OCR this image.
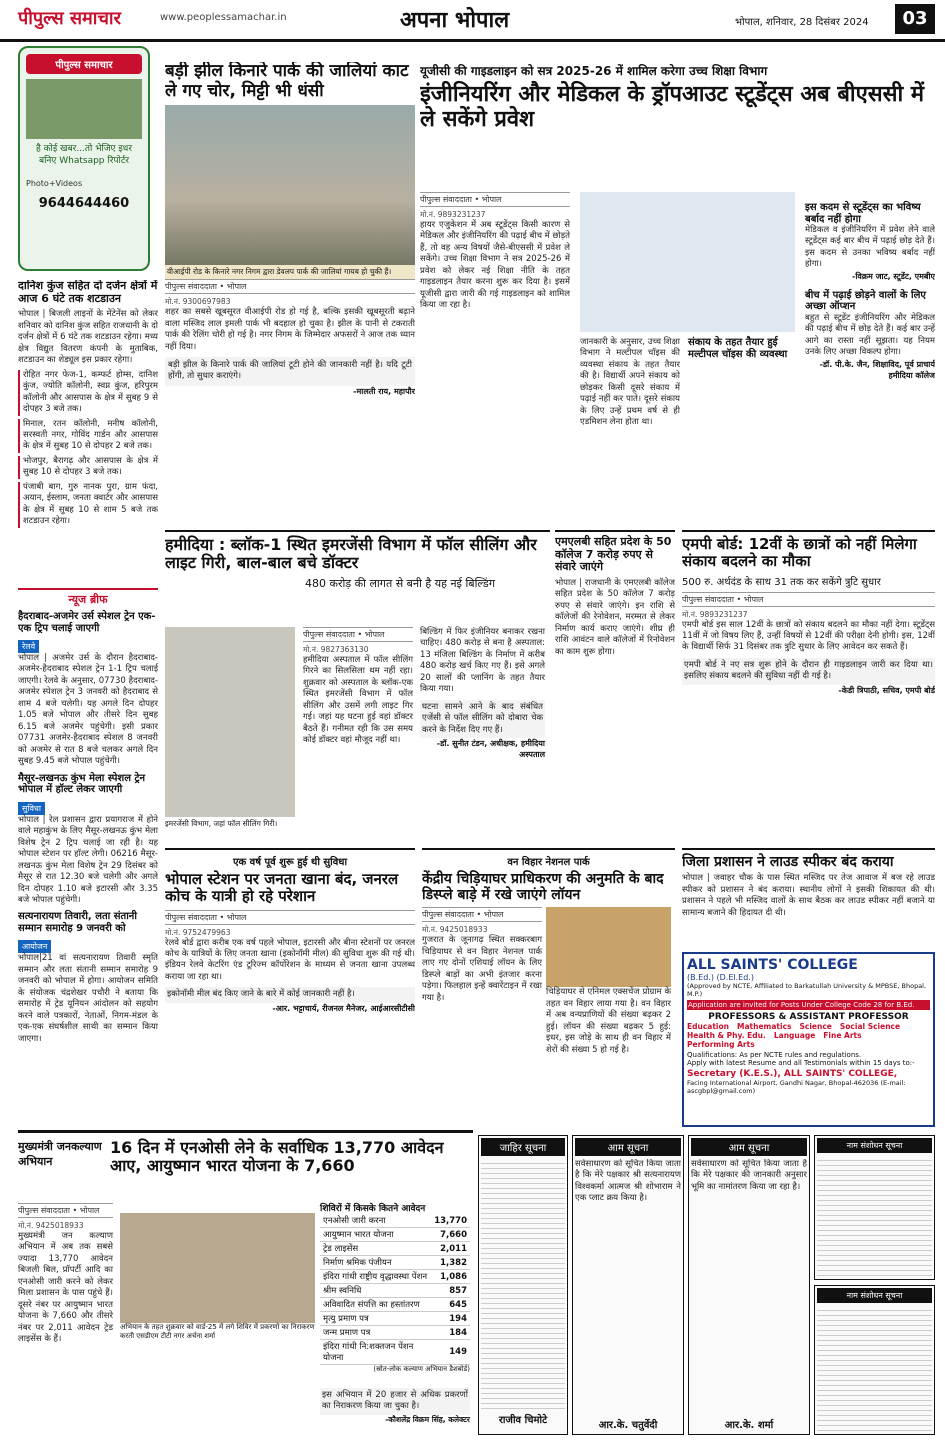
पीपुल्स समाचार	www.peoplessamachar.in	अपना भोपाल	भोपाल, शनिवार, 28 दिसंबर 2024	03
पीपुल्स समाचार
है कोई खबर...तो भेजिए इधर बनिए Whatsapp रिपोर्टर
Photo+Videos
9644644460
दानिश कुंज सहित दो दर्जन क्षेत्रों में आज 6 घंटे तक शटडाउन
भोपाल | बिजली लाइनों के मेंटेनेंस को लेकर शनिवार को दानिश कुंज सहित राजधानी के दो दर्जन क्षेत्रों में 6 घंटे तक शटडाउन रहेगा। मध्य क्षेत्र विद्युत वितरण कंपनी के मुताबिक, शटडाउन का शेड्यूल इस प्रकार रहेगा।
रोहित नगर फेज-1, कम्फर्ट होम्स, दानिश कुंज, ज्योति कॉलोनी, स्वप्न कुंज, हरिपुरम कॉलोनी और आसपास के क्षेत्र में सुबह 9 से दोपहर 3 बजे तक।
मिनाल, रतन कॉलोनी, मनीष कॉलोनी, सरस्वती नगर, गोविंद गार्डन और आसपास के क्षेत्र में सुबह 10 से दोपहर 2 बजे तक।
भोजपुर, बैरागढ़ और आसपास के क्षेत्र में सुबह 10 से दोपहर 3 बजे तक।
पंजाबी बाग, गुरु नानक पुरा, ग्राम फंदा, अयान, ईस्लाम, जनता क्वार्टर और आसपास के क्षेत्र में सुबह 10 से शाम 5 बजे तक शटडाउन रहेगा।
न्यूज ब्रीफ
हैदराबाद-अजमेर उर्स स्पेशल ट्रेन एक-एक ट्रिप चलाई जाएगी
रेलवे
भोपाल | अजमेर उर्स के दौरान हैदराबाद-अजमेर-हैदराबाद स्पेशल ट्रेन 1-1 ट्रिप चलाई जाएगी। रेलवे के अनुसार, 07730 हैदराबाद-अजमेर स्पेशल ट्रेन 3 जनवरी को हैदराबाद से शाम 4 बजे चलेगी। यह अगले दिन दोपहर 1.05 बजे भोपाल और तीसरे दिन सुबह 6.15 बजे अजमेर पहुंचेगी। इसी प्रकार 07731 अजमेर-हैदराबाद स्पेशल 8 जनवरी को अजमेर से रात 8 बजे चलकर अगले दिन सुबह 9.45 बजे भोपाल पहुंचेगी।
मैसूर-लखनऊ कुंभ मेला स्पेशल ट्रेन भोपाल में हॉल्ट लेकर जाएगी
सुविधा
भोपाल | रेल प्रशासन द्वारा प्रयागराज में होने वाले महाकुंभ के लिए मैसूर-लखनऊ कुंभ मेला विशेष ट्रेन 2 ट्रिप चलाई जा रही है। यह भोपाल स्टेशन पर हॉल्ट लेगी। 06216 मैसूर-लखनऊ कुंभ मेला विशेष ट्रेन 29 दिसंबर को मैसूर से रात 12.30 बजे चलेगी और अगले दिन दोपहर 1.10 बजे इटारसी और 3.35 बजे भोपाल पहुंचेगी।
सत्यनारायण तिवारी, लता संतानी सम्मान समारोह 9 जनवरी को
आयोजन
भोपाल|21 वां सत्यनारायण तिवारी स्मृति सम्मान और लता संतानी सम्मान समारोह 9 जनवरी को भोपाल में होगा। आयोजन समिति के संयोजक चंद्रशेखर पचौरी ने बताया कि समारोह में ट्रेड यूनियन आंदोलन को सहयोग करने वाले पत्रकारों, नेताओं, निगम-मंडल के एक-एक संघर्षशील साथी का सम्मान किया जाएगा।
बड़ी झील किनारे पार्क की जालियां काट ले गए चोर, मिट्टी भी धंसी
वीआईपी रोड के किनारे नगर निगम द्वारा डेवलप पार्क की जालियां गायब हो चुकी हैं।
पीपुल्स संवाददाता • भोपाल
मो.नं. 9300697983
शहर का सबसे खूबसूरत वीआईपी रोड हो गई है, बल्कि इसकी खूबसूरती बढ़ाने वाला मस्जिद लाल इमली पार्क भी बदहाल हो चुका है। झील के पानी से टकराती पार्क की रेलिंग चोरी हो गई है। नगर निगम के जिम्मेदार अफसरों ने आज तक ध्यान नहीं दिया।
बड़ी झील के किनारे पार्क की जालियां टूटी होने की जानकारी नहीं है। यदि टूटी होंगी, तो सुधार कराएंगे।
-मालती राय, महापौर
यूजीसी की गाइडलाइन को सत्र 2025-26 में शामिल करेगा उच्च शिक्षा विभाग
इंजीनियरिंग और मेडिकल के ड्रॉपआउट स्टूडेंट्स अब बीएससी में ले सकेंगे प्रवेश
पीपुल्स संवाददाता • भोपाल
मो.नं. 9893231237
हायर एजुकेशन में अब स्टूडेंट्स किसी कारण से मेडिकल और इंजीनियरिंग की पढ़ाई बीच में छोड़ते हैं, तो वह अन्य विषयों जैसे-बीएससी में प्रवेश ले सकेंगे। उच्च शिक्षा विभाग ने सत्र 2025-26 में प्रवेश को लेकर नई शिक्षा नीति के तहत गाइडलाइन तैयार करना शुरू कर दिया है। इसमें यूजीसी द्वारा जारी की गई गाइडलाइन को शामिल किया जा रहा है।
जानकारी के अनुसार, उच्च शिक्षा विभाग ने मल्टीपल चॉइस की व्यवस्था संकाय के तहत तैयार की है। विद्यार्थी अपने संकाय को छोड़कर किसी दूसरे संकाय में पढ़ाई नहीं कर पाते। दूसरे संकाय के लिए उन्हें प्रथम वर्ष से ही एडमिशन लेना होता था।
संकाय के तहत तैयार हुई मल्टीपल चॉइस की व्यवस्था
इस कदम से स्टूडेंट्स का भविष्य बर्बाद नहीं होगा
मेडिकल व इंजीनियरिंग में प्रवेश लेने वाले स्टूडेंट्स कई बार बीच में पढ़ाई छोड़ देते हैं। इस कदम से उनका भविष्य बर्बाद नहीं होगा।
-विक्रम जाट, स्टूडेंट, एमबीए
बीच में पढ़ाई छोड़ने वालों के लिए अच्छा ऑप्शन
बहुत से स्टूडेंट इंजीनियरिंग और मेडिकल की पढ़ाई बीच में छोड़ देते हैं। कई बार उन्हें आगे का रास्ता नहीं सूझता। यह नियम उनके लिए अच्छा विकल्प होगा।
-डॉ. पी.के. जैन, शिक्षाविद, पूर्व प्राचार्य हमीदिया कॉलेज
हमीदिया : ब्लॉक-1 स्थित इमरजेंसी विभाग में फॉल सीलिंग और लाइट गिरी, बाल-बाल बचे डॉक्टर
480 करोड़ की लागत से बनी है यह नई बिल्डिंग
इमरजेंसी विभाग, जहां फॉल सीलिंग गिरी।
पीपुल्स संवाददाता • भोपाल
मो.नं. 9827363130
हमीदिया अस्पताल में फॉल सीलिंग गिरने का सिलसिला थम नहीं रहा। शुक्रवार को अस्पताल के ब्लॉक-एक स्थित इमरजेंसी विभाग में फॉल सीलिंग और उसमें लगी लाइट गिर गई। जहां यह घटना हुई वहां डॉक्टर बैठते हैं। गनीमत रही कि उस समय कोई डॉक्टर वहां मौजूद नहीं था।
बिल्डिंग में फिर इंजीनियर बनाकर रखना चाहिए। 480 करोड़ से बना है अस्पताल: 13 मंजिला बिल्डिंग के निर्माण में करीब 480 करोड़ खर्च किए गए हैं। इसे अगले 20 सालों की प्लानिंग के तहत तैयार किया गया।
घटना सामने आने के बाद संबंधित एजेंसी से फॉल सीलिंग को दोबारा चेक करने के निर्देश दिए गए हैं।
-डॉ. सुनीत टंडन, अधीक्षक, हमीदिया अस्पताल
एमएलबी सहित प्रदेश के 50 कॉलेज 7 करोड़ रुपए से संवारे जाएंगे
भोपाल | राजधानी के एमएलबी कॉलेज सहित प्रदेश के 50 कॉलेज 7 करोड़ रुपए से संवारे जाएंगे। इन राशि से कॉलेजों की रेनोवेशन, मरम्मत से लेकर निर्माण कार्य कराए जाएंगे। शीघ्र ही राशि आवंटन वाले कॉलेजों में रिनोवेशन का काम शुरू होगा।
एमपी बोर्ड: 12वीं के छात्रों को नहीं मिलेगा संकाय बदलने का मौका
500 रु. अर्थदंड के साथ 31 तक कर सकेंगे त्रुटि सुधार
पीपुल्स संवाददाता • भोपाल
मो.नं. 9893231237
एमपी बोर्ड इस साल 12वीं के छात्रों को संकाय बदलने का मौका नहीं देगा। स्टूडेंट्स 11वीं में जो विषय लिए हैं, उन्हीं विषयों से 12वीं की परीक्षा देनी होगी। इस, 12वीं के विद्यार्थी सिर्फ 31 दिसंबर तक त्रुटि सुधार के लिए आवेदन कर सकते हैं।
एमपी बोर्ड ने नए सत्र शुरू होने के दौरान ही गाइडलाइन जारी कर दिया था। इसलिए संकाय बदलने की सुविधा नहीं दी गई है।
-केडी त्रिपाठी, सचिव, एमपी बोर्ड
एक वर्ष पूर्व शुरू हुई थी सुविधा
भोपाल स्टेशन पर जनता खाना बंद, जनरल कोच के यात्री हो रहे परेशान
पीपुल्स संवाददाता • भोपाल
मो.नं. 9752479963
रेलवे बोर्ड द्वारा करीब एक वर्ष पहले भोपाल, इटारसी और बीना स्टेशनों पर जनरल कोच के यात्रियों के लिए जनता खाना (इकोनॉमी मील) की सुविधा शुरू की गई थी। इंडियन रेलवे केटरिंग एंड टूरिज्म कॉर्पोरेशन के माध्यम से जनता खाना उपलब्ध कराया जा रहा था।
इकोनॉमी मील बंद किए जाने के बारे में कोई जानकारी नहीं है।
-आर. भट्टाचार्य, रीजनल मैनेजर, आईआरसीटीसी
वन विहार नेशनल पार्क
केंद्रीय चिड़ियाघर प्राधिकरण की अनुमति के बाद डिस्प्ले बाड़े में रखे जाएंगे लॉयन
पीपुल्स संवाददाता • भोपाल
मो.नं. 9425018933
गुजरात के जूनागढ़ स्थित सक्करबाग चिड़ियाघर से वन विहार नेशनल पार्क लाए गए दोनों एशियाई लॉयन के लिए डिस्प्ले बाड़ों का अभी इंतजार करना पड़ेगा। फिलहाल इन्हें क्वारेंटाइन में रखा गया है।
चिड़ियाघर से एनिमल एक्सचेंज प्रोग्राम के तहत वन विहार लाया गया है। वन विहार में अब वन्यप्राणियों की संख्या बढ़कर 2 हुई। लॉयन की संख्या बढ़कर 5 हुई: इधर, इस जोड़े के साथ ही वन विहार में शेरों की संख्या 5 हो गई है।
जिला प्रशासन ने लाउड स्पीकर बंद कराया
भोपाल | जवाहर चौक के पास स्थित मस्जिद पर तेज आवाज में बज रहे लाउड स्पीकर को प्रशासन ने बंद कराया। स्थानीय लोगों ने इसकी शिकायत की थी। प्रशासन ने पहले भी मस्जिद वालों के साथ बैठक कर लाउड स्पीकर नहीं बजाने या सामान्य बजाने की हिदायत दी थी।
ALL SAINTS' COLLEGE
(B.Ed.) (D.El.Ed.)
(Approved by NCTE, Affiliated to Barkatullah University & MPBSE, Bhopal, M.P.)
Application are invited for Posts Under College Code 28 for B.Ed.
PROFESSORS & ASSISTANT PROFESSOR
Education Mathematics Science Social Science
Health & Phy. Edu. Language Fine Arts
Performing Arts
Qualifications: As per NCTE rules and regulations.
Apply with latest Resume and all Testimonials within 15 days to:-
Secretary (K.E.S.), ALL SAINTS' COLLEGE,
Facing International Airport, Gandhi Nagar, Bhopal-462036 (E-mail: ascgbpl@gmail.com)
मुख्यमंत्री जनकल्याण अभियान
16 दिन में एनओसी लेने के सर्वाधिक 13,770 आवेदन आए, आयुष्मान भारत योजना के 7,660
पीपुल्स संवाददाता • भोपाल
मो.नं. 9425018933
मुख्यमंत्री जन कल्याण अभियान में अब तक सबसे ज्यादा 13,770 आवेदन बिजली बिल, प्रॉपर्टी आदि का एनओसी जारी करने को लेकर मिला प्रशासन के पास पहुंचे हैं। दूसरे नंबर पर आयुष्मान भारत योजना के 7,660 और तीसरे नंबर पर 2,011 आवेदन ट्रेड लाइसेंस के हैं।
अभियान के तहत शुक्रवार को वार्ड-25 में लगे शिविर में प्रकरणों का निराकरण करती एसडीएम टीटी नगर अर्चना शर्मा
शिविरों में किसके कितने आवेदन
एनओसी जारी करना	13,770
आयुष्मान भारत योजना	7,660
ट्रेड लाइसेंस	2,011
निर्माण श्रमिक पंजीयन	1,382
इंदिरा गांधी राष्ट्रीय वृद्धावस्था पेंशन	1,086
श्रीम स्वनिधि	857
अविवादित संपत्ति का हस्तांतरण	645
मृत्यु प्रमाण पत्र	194
जन्म प्रमाण पत्र	184
इंदिरा गांधी नि:शक्तजन पेंशन योजना	149
(स्रोत-लोक कल्याण अभियान डैशबोर्ड)
इस अभियान में 20 हजार से अधिक प्रकरणों का निराकरण किया जा चुका है।
-कौशलेंद्र विक्रम सिंह, कलेक्टर
जाहिर सूचना
राजीव चिमोटे
आम सूचना
सर्वसाधारण को सूचित किया जाता है कि मेरे पक्षकार श्री सत्यनारायण विश्वकर्मा आत्मज श्री शोभाराम ने एक प्लाट क्रय किया है।
आर.के. चतुर्वेदी
आम सूचना
सर्वसाधारण को सूचित किया जाता है कि मेरे पक्षकार की जानकारी अनुसार भूमि का नामांतरण किया जा रहा है।
आर.के. शर्मा
नाम संशोधन सूचना
नाम संशोधन सूचना
